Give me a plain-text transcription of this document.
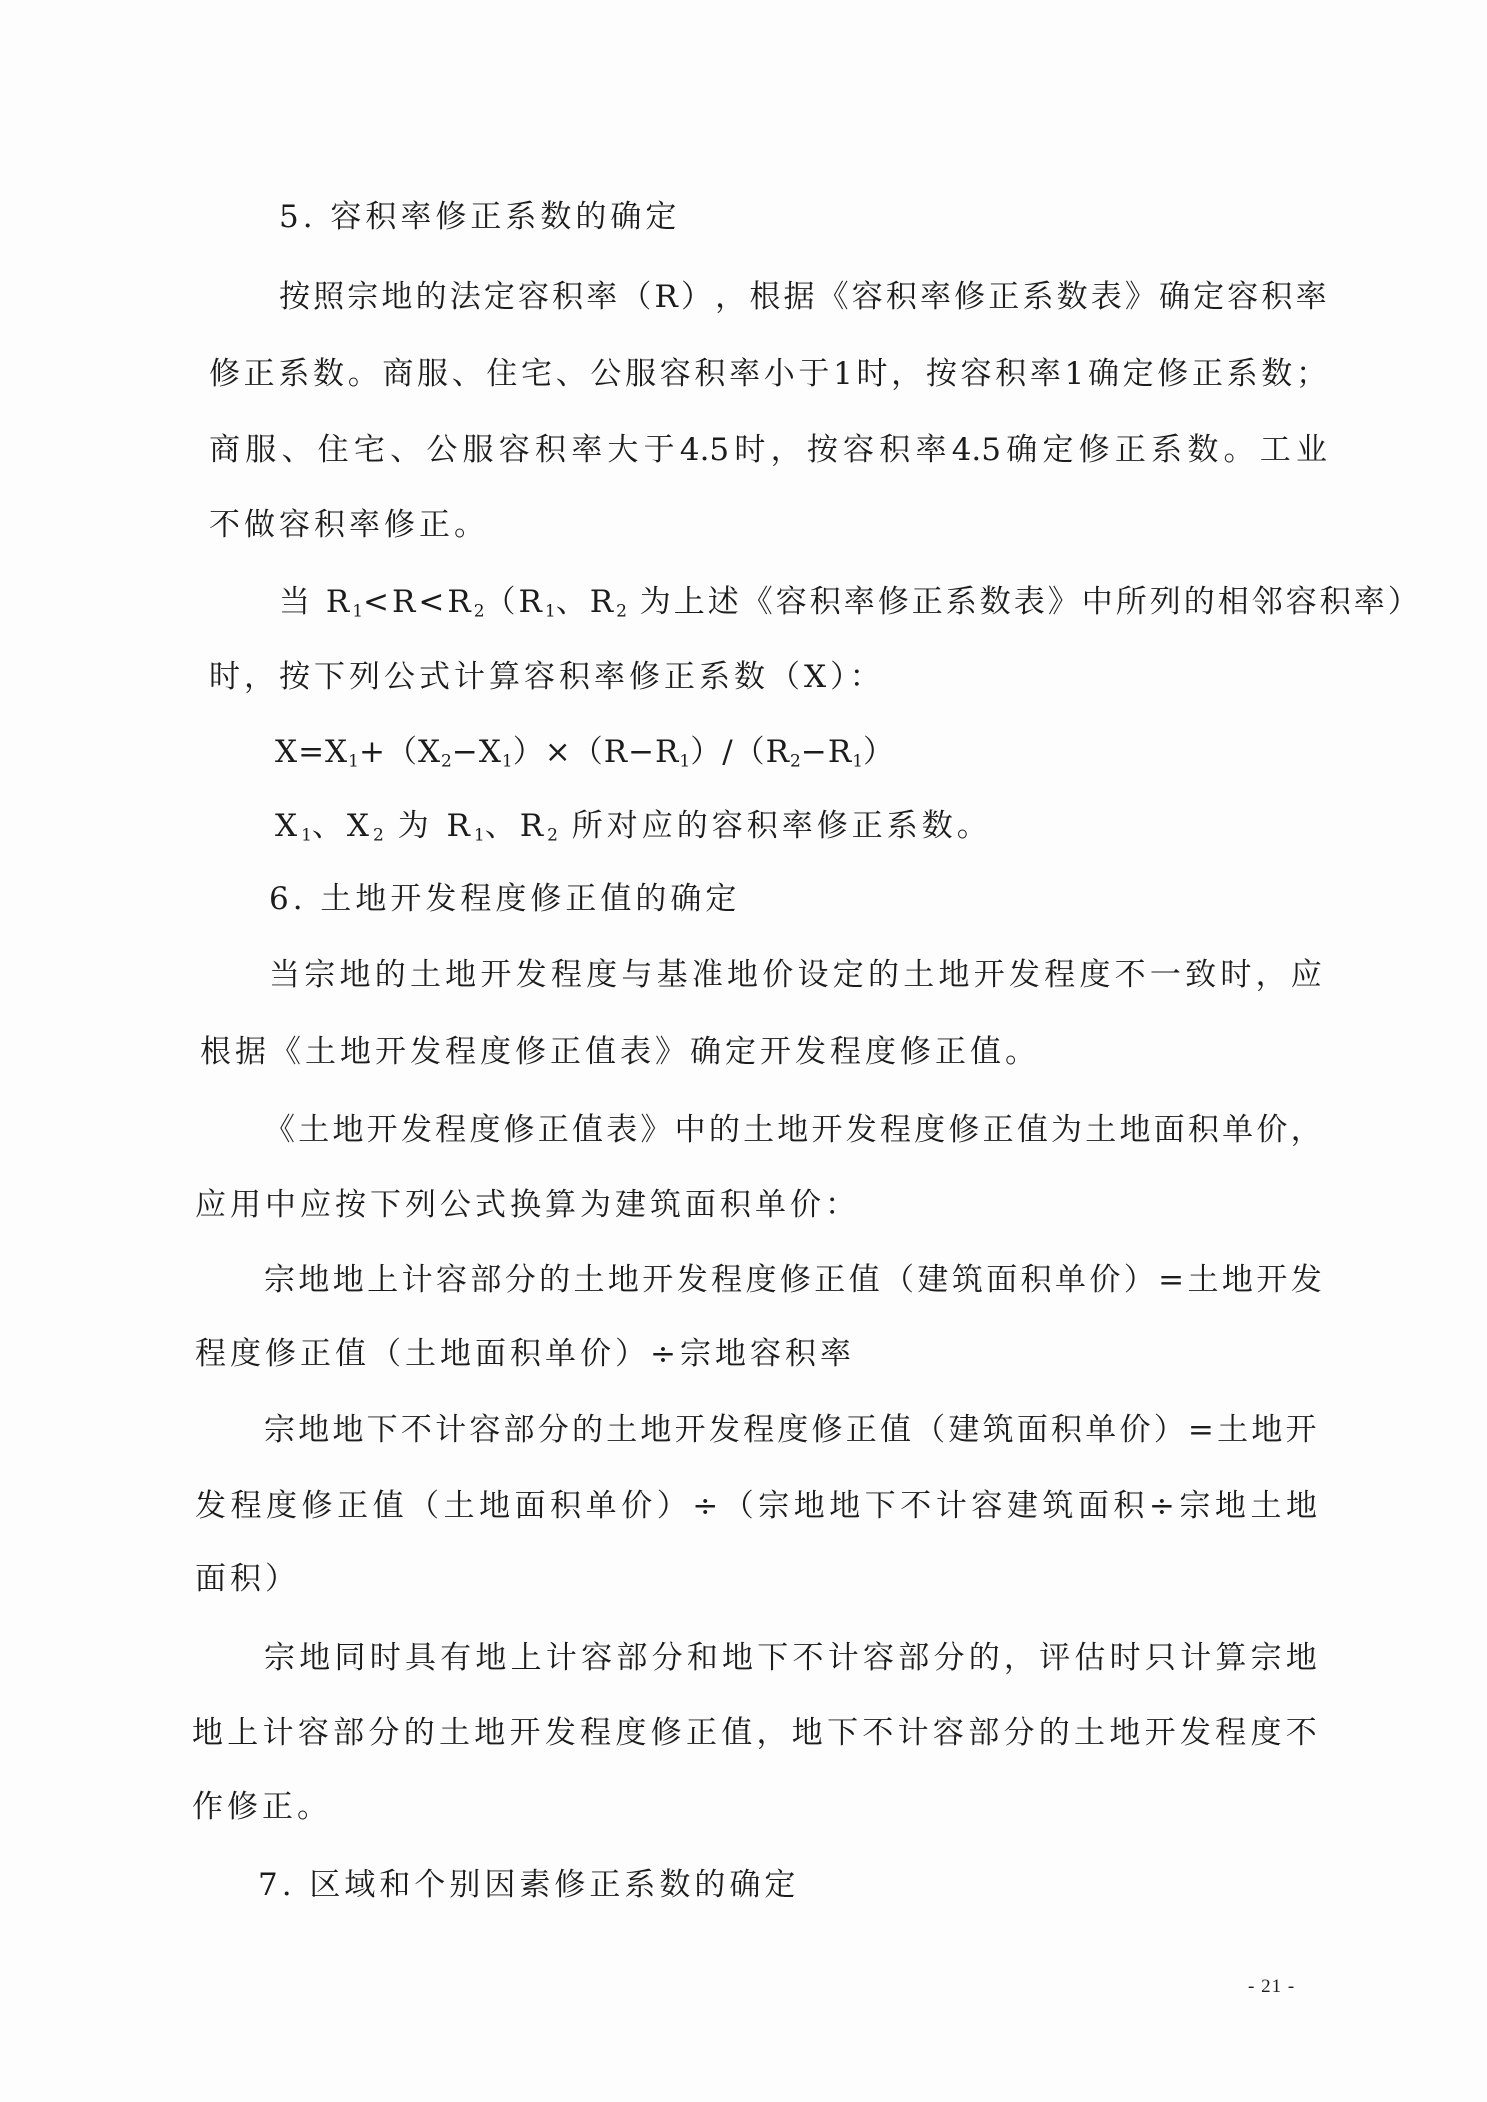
5. 容积率修正系数的确定
按 照 宗 地 的 法 定 容 积 率 （ R ） ， 根 据 《 容 积 率 修 正 系 数 表 》 确 定 容 积 率
修 正 系 数 。 商 服 、 住 宅 、 公 服 容 积 率 小 于 1 时 ， 按 容 积 率 1 确 定 修 正 系 数 ；
商 服 、 住 宅 、 公 服 容 积 率 大 于 4.5 时 ， 按 容 积 率 4.5 确 定 修 正 系 数 。 工 业
不做容积率修正。
当 $R_1<R<R_2(R_1$、$R_2$ 为上述《容积率修正系数表》中所列的相邻容积率）
时，按下列公式计算容积率修正系数（X）：
$X=X_1+(X_2-X_1)\times(R-R_1)/(R_2-R_1)$
$X_1$、$X_2$ 为 $R_1$、$R_2$ 所对应的容积率修正系数。
6. 土地开发程度修正值的确定
当 宗 地 的 土 地 开 发 程 度 与 基 准 地 价 设 定 的 土 地 开 发 程 度 不 一 致 时 ， 应
根据《土地开发程度修正值表》确定开发程度修正值。
《 土 地 开 发 程 度 修 正 值 表 》 中 的 土 地 开 发 程 度 修 正 值 为 土 地 面 积 单 价 ，
应用中应按下列公式换算为建筑面积单价：
宗 地 地 上 计 容 部 分 的 土 地 开 发 程 度 修 正 值 （ 建 筑 面 积 单 价 ） = 土 地 开 发
程度修正值（土地面积单价）÷宗地容积率
宗 地 地 下 不 计 容 部 分 的 土 地 开 发 程 度 修 正 值 （ 建 筑 面 积 单 价 ） = 土 地 开
发 程 度 修 正 值 （ 土 地 面 积 单 价 ） ÷ （ 宗 地 地 下 不 计 容 建 筑 面 积 ÷ 宗 地 土 地
面积）
宗 地 同 时 具 有 地 上 计 容 部 分 和 地 下 不 计 容 部 分 的 ， 评 估 时 只 计 算 宗 地
地 上 计 容 部 分 的 土 地 开 发 程 度 修 正 值 ， 地 下 不 计 容 部 分 的 土 地 开 发 程 度 不
作修正。
7. 区域和个别因素修正系数的确定
- 21 -
